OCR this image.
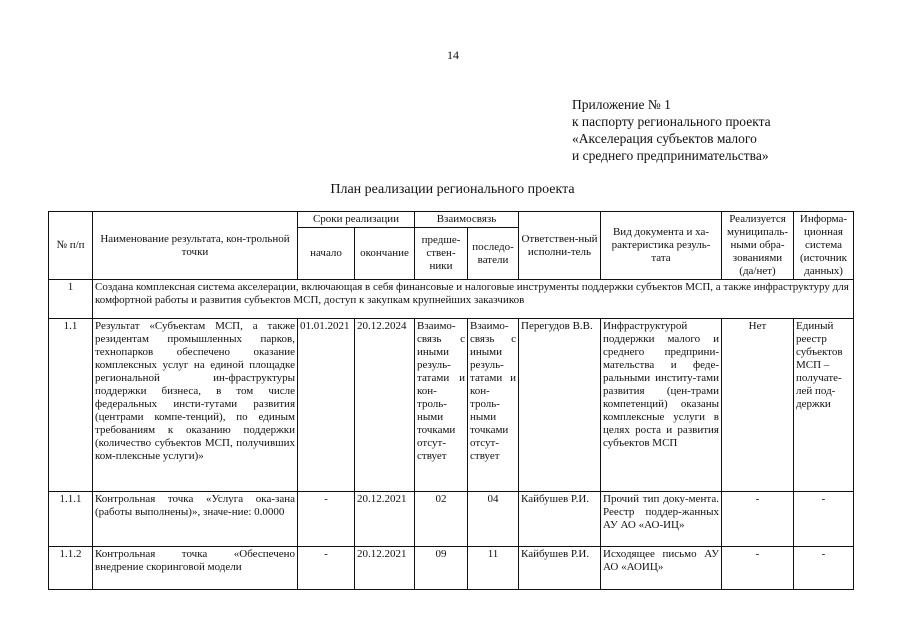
14
Приложение № 1
к паспорту регионального проекта
«Акселерация субъектов малого
и среднего предпринимательства»
План реализации регионального проекта
№ п/п	Наименование результата, кон-трольной точки	Сроки реализации		Взаимосвязь		Ответствен-ный исполни-тель	Вид документа и ха-рактеристика резуль-тата	Реализуется муниципаль-ными обра-зованиями (да/нет)	Информа-ционная система (источник данных)
		начало	окончание	предше-ствен-ники	последо-ватели				
1	Создана комплексная система акселерации, включающая в себя финансовые и налоговые инструменты поддержки субъектов МСП, а также инфраструктуру для комфортной работы и развития субъектов МСП, доступ к закупкам крупнейших заказчиков								
1.1	Результат «Субъектам МСП, а также резидентам промышленных парков, технопарков обеспечено оказание комплексных услуг на единой площадке региональной ин-фраструктуры поддержки бизнеса, в том числе федеральных инсти-тутами развития (центрами компе-тенций), по единым требованиям к оказанию поддержки (количество субъектов МСП, получивших ком-плексные услуги)»	01.01.2021	20.12.2024	Взаимо-связь с иными резуль-татами и кон-троль-ными точками отсут-ствует	Взаимо-связь с иными резуль-татами и кон-троль-ными точками отсут-ствует	Перегудов В.В.	Инфраструктурой поддержки малого и среднего предприни-мательства и феде-ральными институ-тами развития (цен-трами компетенций) оказаны комплексные услуги в целях роста и развития субъектов МСП	Нет	Единый реестр субъектов МСП – получате-лей под-держки
1.1.1	Контрольная точка «Услуга ока-зана (работы выполнены)», значе-ние: 0.0000	-	20.12.2021	02	04	Кайбушев Р.И.	Прочий тип доку-мента. Реестр поддер-жанных АУ АО «АО-ИЦ»	-	-
1.1.2	Контрольная точка «Обеспечено внедрение скоринговой модели	-	20.12.2021	09	11	Кайбушев Р.И.	Исходящее письмо АУ АО «АОИЦ»	-	-
